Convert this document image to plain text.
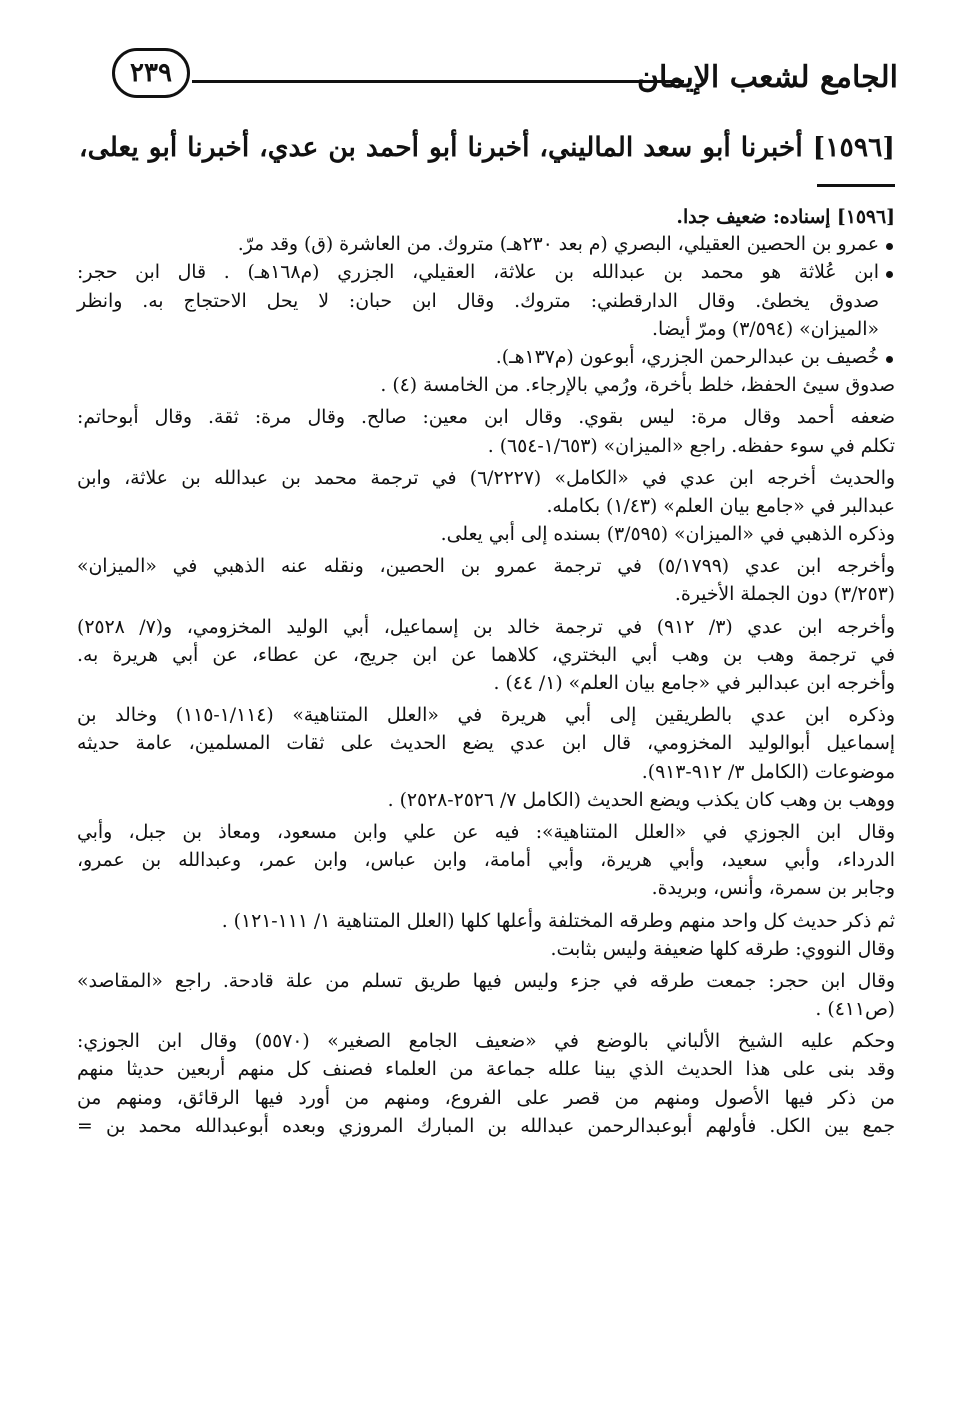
الجامع لشعب الإيمان
٢٣٩
[١٥٩٦] أخبرنا أبو سعد الماليني، أخبرنا أبو أحمد بن عدي، أخبرنا أبو يعلى،
[١٥٩٦] إسناده: ضعيف جدا.
عمرو بن الحصين العقيلي، البصري (م بعد ٢٣٠هـ) متروك. من العاشرة (ق) وقد مرّ.
ابن عُلاثة هو محمد بن عبدالله بن علاثة، العقيلي، الجزري (م١٦٨هـ) . قال ابن حجر:
صدوق يخطئ. وقال الدارقطني: متروك. وقال ابن حبان: لا يحل الاحتجاج به. وانظر
«الميزان» (٣/٥٩٤) ومرّ أيضا.
خُصيف بن عبدالرحمن الجزري، أبوعون (م١٣٧هـ).
صدوق سيئ الحفظ، خلط بأخرة، ورُمي بالإرجاء. من الخامسة (٤) .
ضعفه أحمد وقال مرة: ليس بقوي. وقال ابن معين: صالح. وقال مرة: ثقة. وقال أبوحاتم:
تكلم في سوء حفظه. راجع «الميزان» (١/٦٥٣-٦٥٤) .
والحديث أخرجه ابن عدي في «الكامل» (٦/٢٢٢٧) في ترجمة محمد بن عبدالله بن علاثة، وابن
عبدالبر في «جامع بيان العلم» (١/٤٣) بكامله.
وذكره الذهبي في «الميزان» (٣/٥٩٥) بسنده إلى أبي يعلى.
وأخرجه ابن عدي (٥/١٧٩٩) في ترجمة عمرو بن الحصين، ونقله عنه الذهبي في «الميزان»
(٣/٢٥٣) دون الجملة الأخيرة.
وأخرجه ابن عدي (٣/ ٩١٢) في ترجمة خالد بن إسماعيل، أبي الوليد المخزومي، و(٧/ ٢٥٢٨)
في ترجمة وهب بن وهب أبي البختري، كلاهما عن ابن جريج، عن عطاء، عن أبي هريرة به.
وأخرجه ابن عبدالبر في «جامع بيان العلم» (١/ ٤٤) .
وذكره ابن عدي بالطريقين إلى أبي هريرة في «العلل المتناهية» (١/١١٤-١١٥) وخالد بن
إسماعيل أبوالوليد المخزومي، قال ابن عدي يضع الحديث على ثقات المسلمين، عامة حديثه
موضوعات (الكامل ٣/ ٩١٢-٩١٣).
ووهب بن وهب كان يكذب ويضع الحديث (الكامل ٧/ ٢٥٢٦-٢٥٢٨) .
وقال ابن الجوزي في «العلل المتناهية»: فيه عن علي وابن مسعود، ومعاذ بن جبل، وأبي
الدرداء، وأبي سعيد، وأبي هريرة، وأبي أمامة، وابن عباس، وابن عمر، وعبدالله بن عمرو،
وجابر بن سمرة، وأنس، وبريدة.
ثم ذكر حديث كل واحد منهم وطرقه المختلفة وأعلها كلها (العلل المتناهية ١/ ١١١-١٢١) .
وقال النووي: طرقه كلها ضعيفة وليس بثابت.
وقال ابن حجر: جمعت طرقه في جزء وليس فيها طريق تسلم من علة قادحة. راجع «المقاصد»
(ص٤١١) .
وحكم عليه الشيخ الألباني بالوضع في «ضعيف الجامع الصغير» (٥٥٧٠) وقال ابن الجوزي:
وقد بنى على هذا الحديث الذي بينا علله جماعة من العلماء فصنف كل منهم أربعين حديثا منهم
من ذكر فيها الأصول ومنهم من قصر على الفروع، ومنهم من أورد فيها الرقائق، ومنهم من
جمع بين الكل. فأولهم أبوعبدالرحمن عبدالله بن المبارك المروزي وبعده أبوعبدالله محمد بن =
